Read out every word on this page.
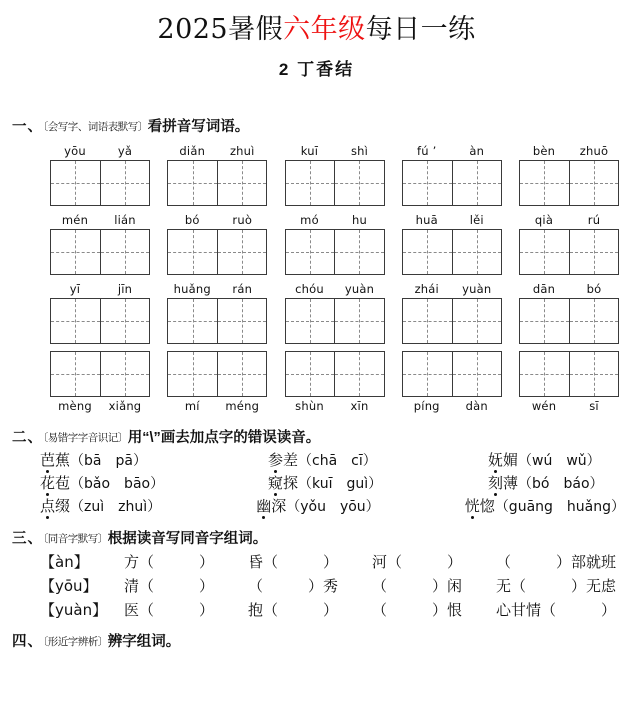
2025暑假六年级每日一练
2 丁香结
一、〔会写字、词语表默写〕看拼音写词语。
yōu	yǎ	diǎn	zhuì	kuī	shì	fú ’	àn	bèn	zhuō
mén	lián	bó	ruò	mó	hu	huā	lěi	qià	rú
yī	jīn	huǎng	rán	chóu	yuàn	zhái	yuàn	dān	bó
mèng	xiǎng	mí	méng	shùn	xīn	píng	dàn	wén	sī
二、〔易错字字音识记〕用“\”画去加点字的错误读音。
芭蕉（bā　pā）	参差（chā　cī）	妩媚（wú　wǔ）
花苞（bǎo　bāo）	窥探（kuī　guì）	刻薄（bó　báo）
点缀（zuì　zhuì）	幽深（yǒu　yōu）	恍惚（guāng　huǎng）
三、〔同音字默写〕根据读音写同音字组词。
【àn】	方（　　　）	昏（　　　）	河（　　　）	（　　　）部就班
【yōu】	清（　　　）	（　　　）秀	（　　　）闲	无（　　　）无虑
【yuàn】	医（　　　）	抱（　　　）	（　　　）恨	心甘情（　　　）
四、〔形近字辨析〕辨字组词。
